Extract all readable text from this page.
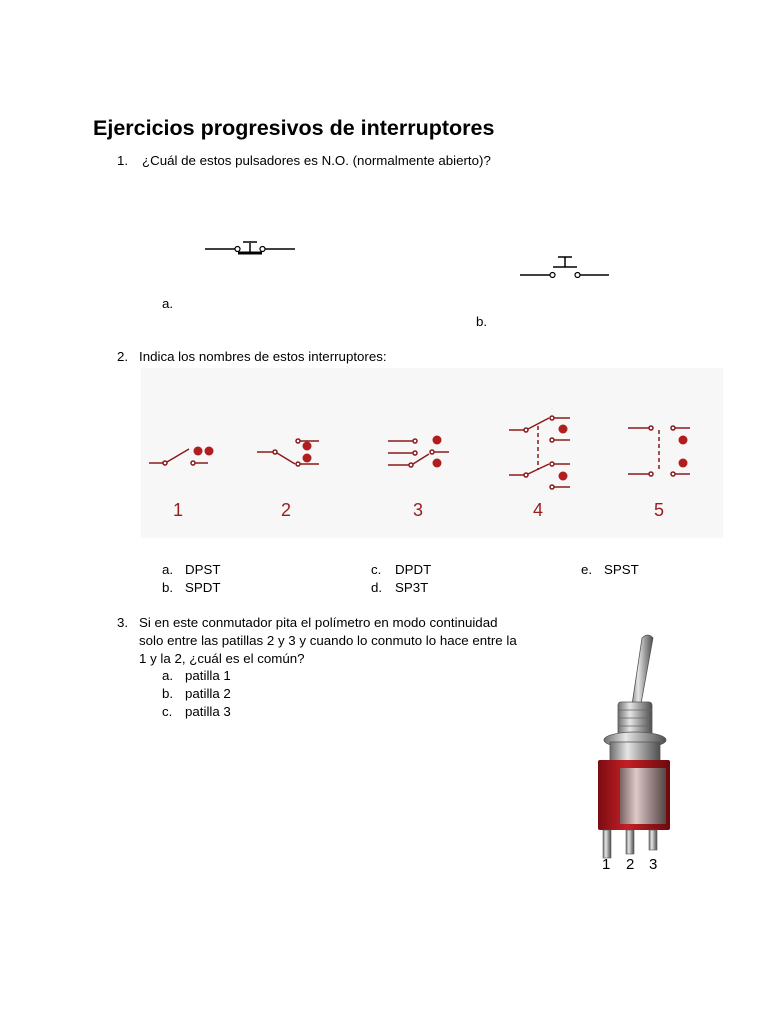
Ejercicios progresivos de interruptores
1. ¿Cuál de estos pulsadores es N.O. (normalmente abierto)?
a.
b.
2. Indica los nombres de estos interruptores:
1	2	3	4	5
a. DPST
b. SPDT
c. DPDT
d. SP3T
e. SPST
3. Si en este conmutador pita el polímetro en modo continuidad
solo entre las patillas 2 y 3 y cuando lo conmuto lo hace entre la
1 y la 2, ¿cuál es el común?
a. patilla 1
b. patilla 2
c. patilla 3
1 2 3
